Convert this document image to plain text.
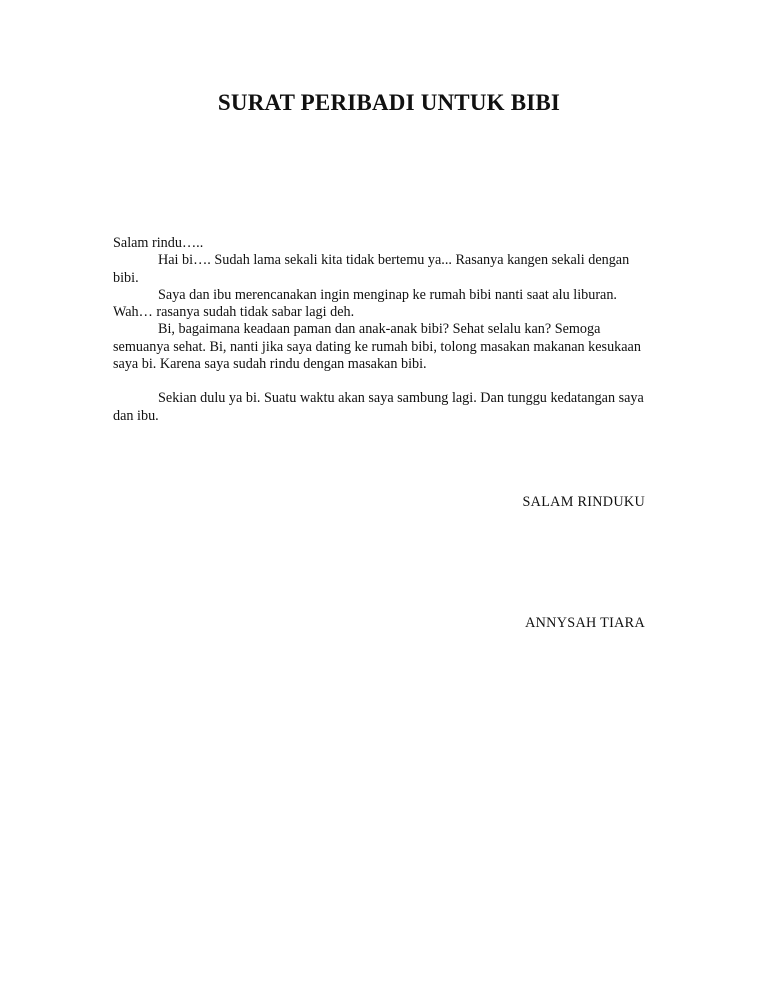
SURAT PERIBADI UNTUK BIBI

Salam rindu…..

Hai bi…. Sudah lama sekali kita tidak bertemu ya... Rasanya kangen sekali dengan bibi.

Saya dan ibu merencanakan ingin menginap ke rumah bibi nanti saat alu liburan. Wah… rasanya sudah tidak sabar lagi deh.

Bi, bagaimana keadaan paman dan anak-anak bibi? Sehat selalu kan? Semoga semuanya sehat. Bi, nanti jika saya dating ke rumah bibi, tolong masakan makanan kesukaan saya bi. Karena saya sudah rindu dengan masakan bibi.

Sekian dulu ya bi. Suatu waktu akan saya sambung lagi. Dan tunggu kedatangan saya dan ibu.

SALAM RINDUKU

ANNYSAH TIARA
